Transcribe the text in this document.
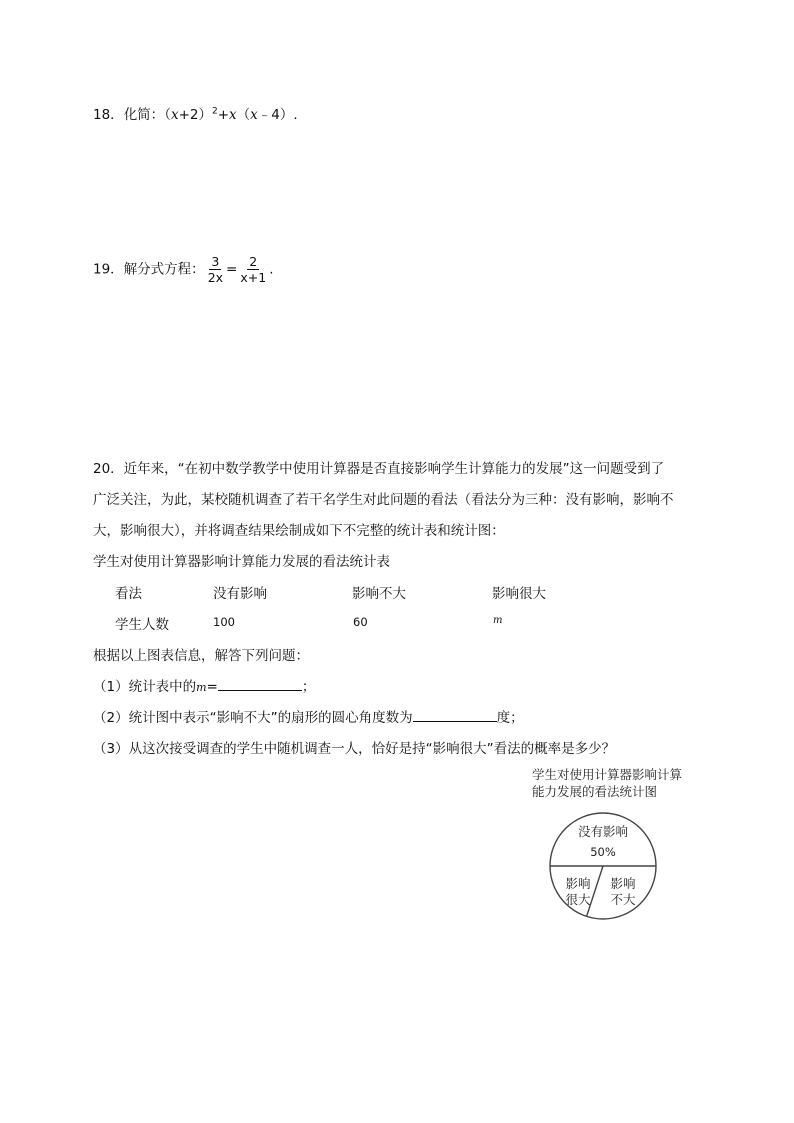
18．化简：$(x+2)^2+x(x﹣4)$.
19．解分式方程： $\frac{3}{2x} = \frac{2}{x+1}$ .
20．近年来，“在初中数学教学中使用计算器是否直接影响学生计算能力的发展”这一问题受到了
广泛关注，为此，某校随机调查了若干名学生对此问题的看法（看法分为三种：没有影响，影响不
大，影响很大），并将调查结果绘制成如下不完整的统计表和统计图：
学生对使用计算器影响计算能力发展的看法统计表
看法	没有影响	影响不大	影响很大
学生人数	100	60	m
根据以上图表信息，解答下列问题：
（1）统计表中的m=	；
（2）统计图中表示“影响不大”的扇形的圆心角度数为	度；
（3）从这次接受调查的学生中随机调查一人，恰好是持“影响很大”看法的概率是多少？
学生对使用计算器影响计算
能力发展的看法统计图
没有影响
50%
影响
很大
影响
不大
